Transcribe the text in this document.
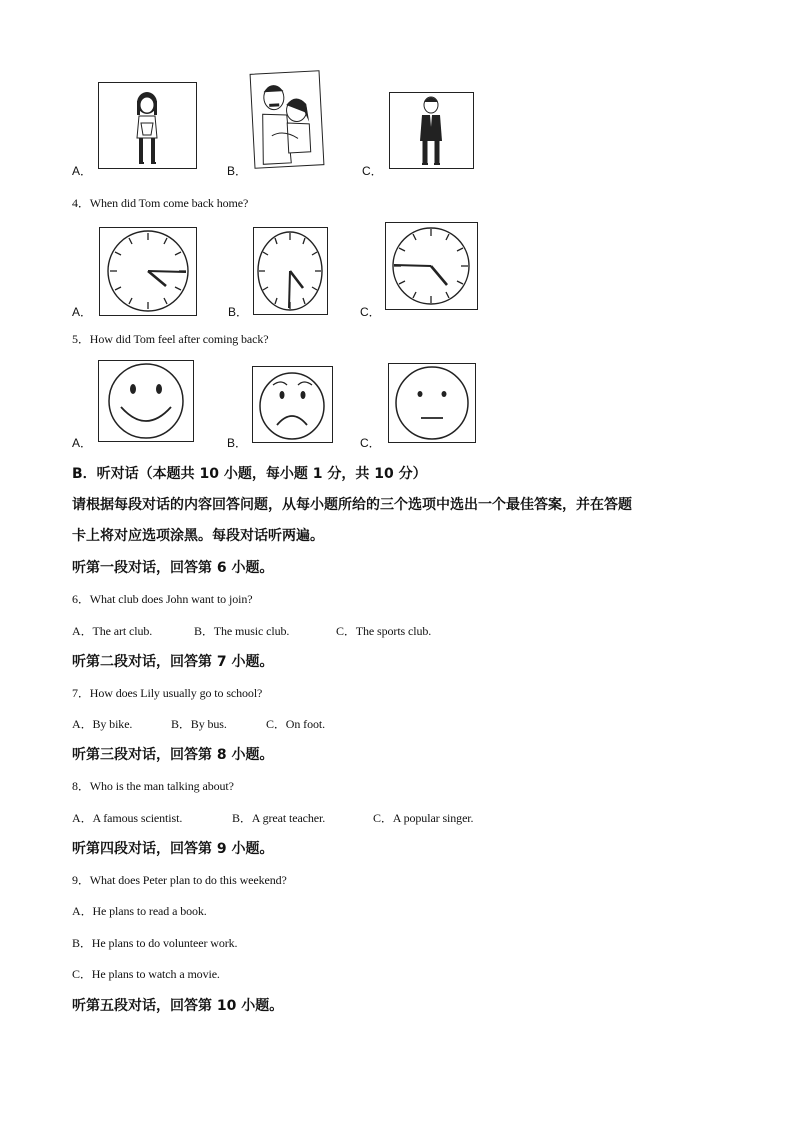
A．	B．	C．
4．When did Tom come back home?
A．	B．	C．
5．How did Tom feel after coming back?
A．	B．	C．
B．听对话（本题共 10 小题，每小题 1 分，共 10 分）
请根据每段对话的内容回答问题，从每小题所给的三个选项中选出一个最佳答案，并在答题
卡上将对应选项涂黑。每段对话听两遍。
听第一段对话，回答第 6 小题。
6．What club does John want to join?
A．The art club.	B．The music club.	C．The sports club.
听第二段对话，回答第 7 小题。
7．How does Lily usually go to school?
A．By bike.	B．By bus.	C．On foot.
听第三段对话，回答第 8 小题。
8．Who is the man talking about?
A．A famous scientist.	B．A great teacher.	C．A popular singer.
听第四段对话，回答第 9 小题。
9．What does Peter plan to do this weekend?
A．He plans to read a book.
B．He plans to do volunteer work.
C．He plans to watch a movie.
听第五段对话，回答第 10 小题。
